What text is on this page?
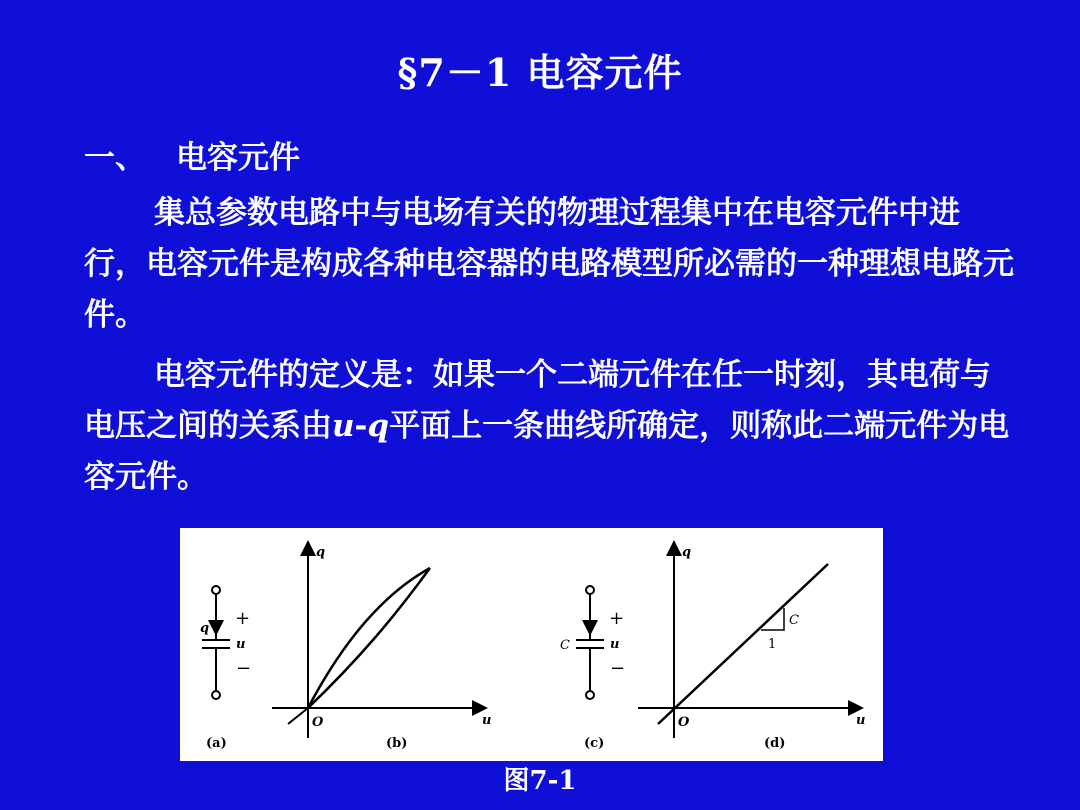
§7－1 电容元件
一、 电容元件

集总参数电路中与电场有关的物理过程集中在电容元件中进行，电容元件是构成各种电容器的电路模型所必需的一种理想电路元件。

电容元件的定义是：如果一个二端元件在任一时刻，其电荷与电压之间的关系由u-q平面上一条曲线所确定，则称此二端元件为电容元件。

q +
u
−
(a)
q
u
O
(b)
C
+
u
−
(c)
q
u
O
C
1
(d)
图7-1
